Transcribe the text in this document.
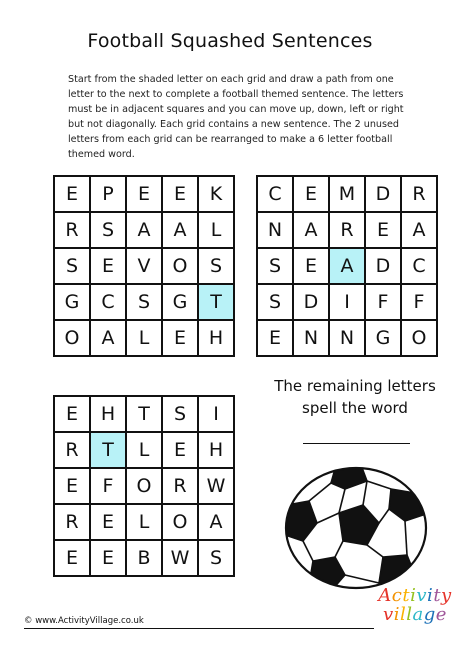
Football Squashed Sentences
Start from the shaded letter on each grid and draw a path from one letter to the next to complete a football themed sentence. The letters must be in adjacent squares and you can move up, down, left or right but not diagonally. Each grid contains a new sentence. The 2 unused letters from each grid can be rearranged to make a 6 letter football themed word.
E	P	E	E	K
R	S	A	A	L
S	E	V	O	S
G	C	S	G	T
O	A	L	E	H
C	E	M	D	R
N	A	R	E	A
S	E	A	D	C
S	D	I	F	F
E	N	N	G	O
E	H	T	S	I
R	T	L	E	H
E	F	O	R	W
R	E	L	O	A
E	E	B	W	S
The remaining letters
spell the word
© www.ActivityVillage.co.uk
Activity
village
